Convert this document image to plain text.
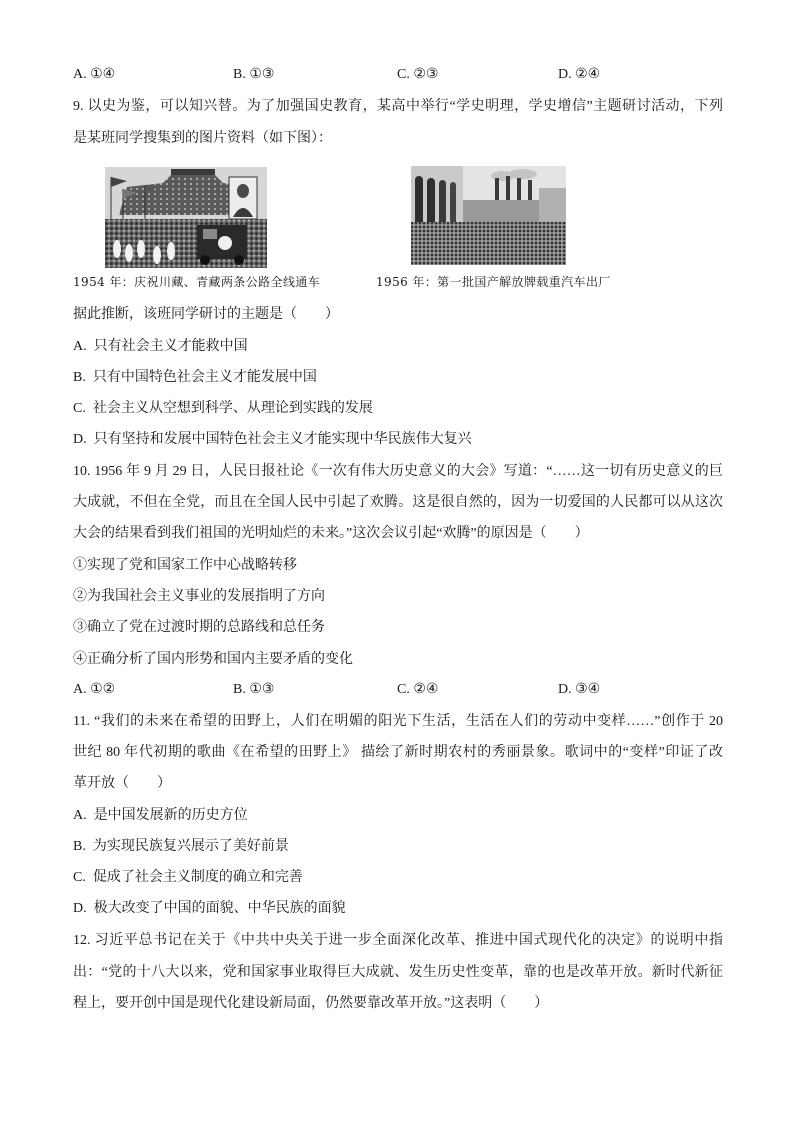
A. ①④	B. ①③	C. ②③	D. ②④
9. 以史为鉴，可以知兴替。为了加强国史教育，某高中举行“学史明理，学史增信”主题研讨活动，下列
是某班同学搜集到的图片资料（如下图）：
1954 年：庆祝川藏、青藏两条公路全线通车	1956 年：第一批国产解放牌载重汽车出厂
据此推断，该班同学研讨的主题是（　　）
A.  只有社会主义才能救中国
B.  只有中国特色社会主义才能发展中国
C.  社会主义从空想到科学、从理论到实践的发展
D.  只有坚持和发展中国特色社会主义才能实现中华民族伟大复兴
10. 1956 年 9 月 29 日，人民日报社论《一次有伟大历史意义的大会》写道：“……这一切有历史意义的巨
大成就，不但在全党，而且在全国人民中引起了欢腾。这是很自然的，因为一切爱国的人民都可以从这次
大会的结果看到我们祖国的光明灿烂的未来。”这次会议引起“欢腾”的原因是（　　）
①实现了党和国家工作中心战略转移
②为我国社会主义事业的发展指明了方向
③确立了党在过渡时期的总路线和总任务
④正确分析了国内形势和国内主要矛盾的变化
A. ①②	B. ①③	C. ②④	D. ③④
11. “我们的未来在希望的田野上，人们在明媚的阳光下生活，生活在人们的劳动中变样……”创作于 20
世纪 80 年代初期的歌曲《在希望的田野上》 描绘了新时期农村的秀丽景象。歌词中的“变样”印证了改
革开放（　　）
A.  是中国发展新的历史方位
B.  为实现民族复兴展示了美好前景
C.  促成了社会主义制度的确立和完善
D.  极大改变了中国的面貌、中华民族的面貌
12. 习近平总书记在关于《中共中央关于进一步全面深化改革、推进中国式现代化的决定》的说明中指
出：“党的十八大以来，党和国家事业取得巨大成就、发生历史性变革，靠的也是改革开放。新时代新征
程上，要开创中国是现代化建设新局面，仍然要靠改革开放。”这表明（　　）
